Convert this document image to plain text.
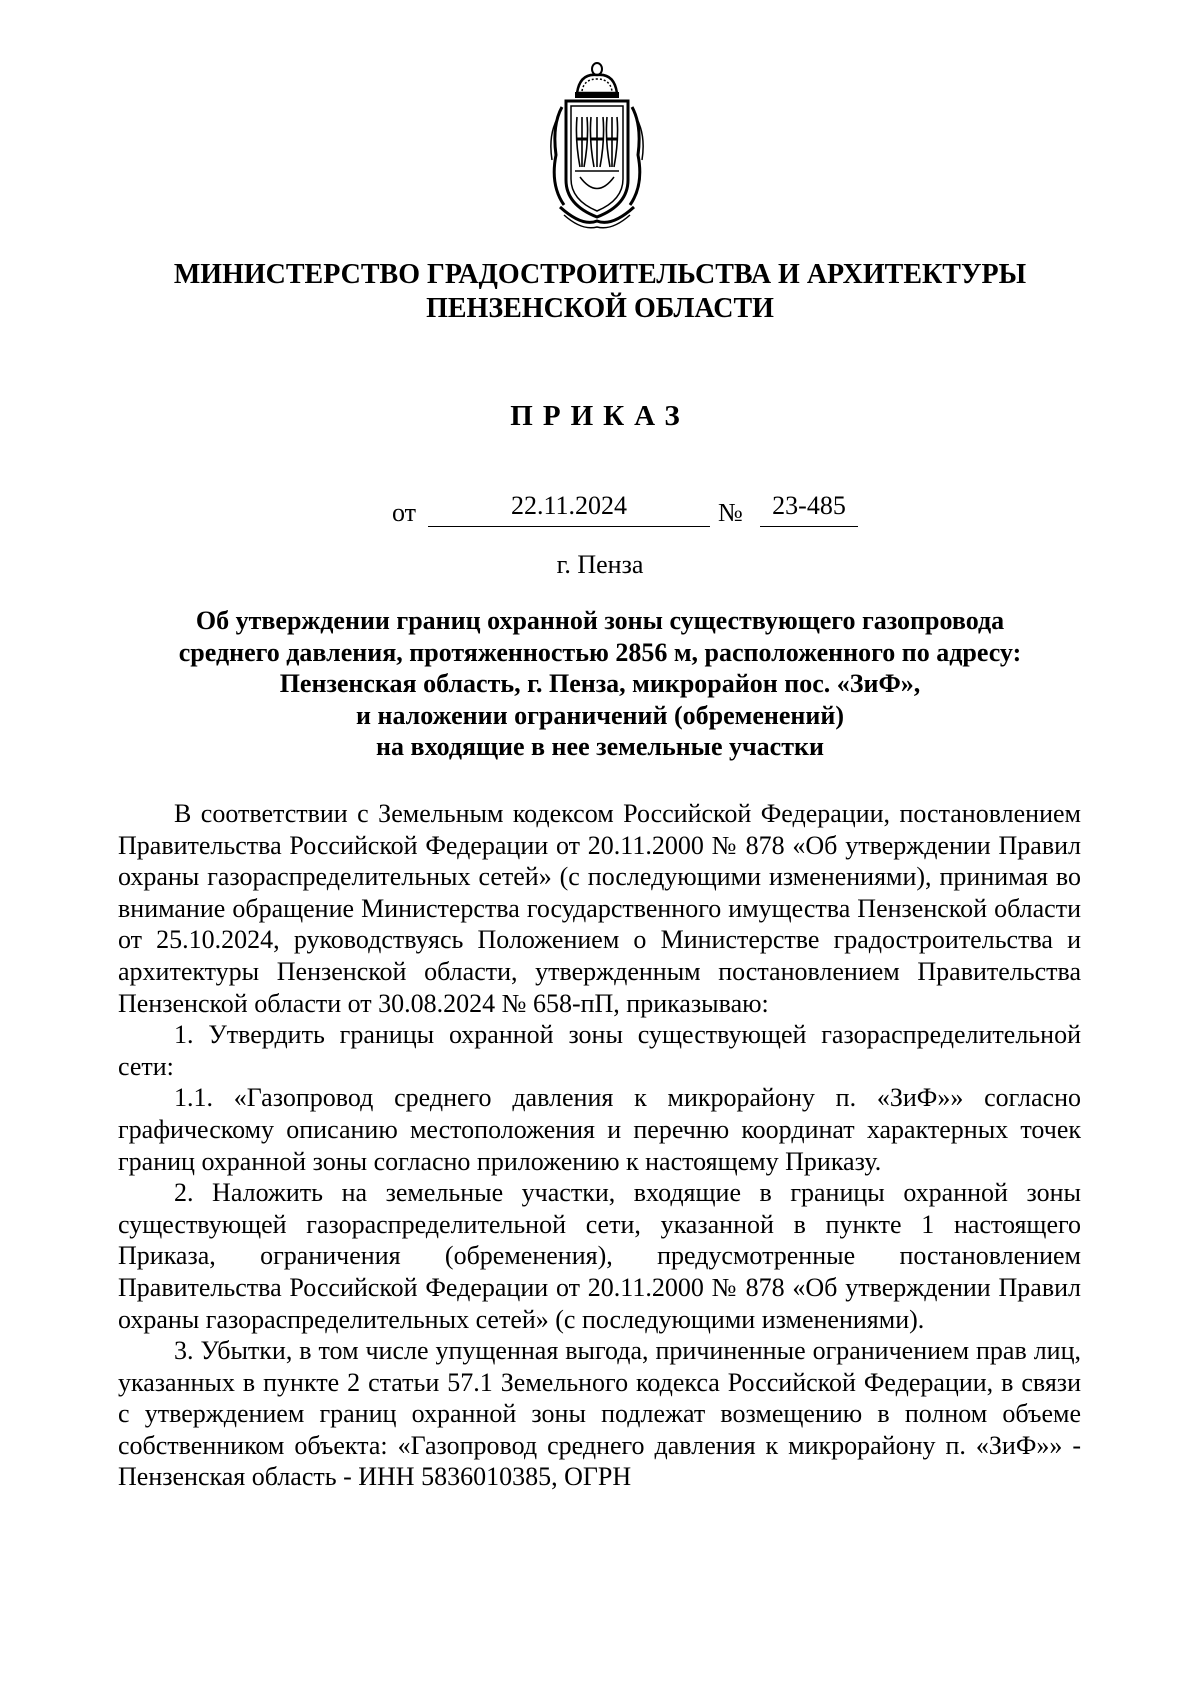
МИНИСТЕРСТВО ГРАДОСТРОИТЕЛЬСТВА И АРХИТЕКТУРЫ
ПЕНЗЕНСКОЙ ОБЛАСТИ
ПРИКАЗ
от	22.11.2024	№	23-485
г. Пенза
Об утверждении границ охранной зоны существующего газопровода
среднего давления, протяженностью 2856 м, расположенного по адресу:
Пензенская область, г. Пенза, микрорайон пос. «ЗиФ»,
и наложении ограничений (обременений)
на входящие в нее земельные участки

В соответствии с Земельным кодексом Российской Федерации, постановлением Правительства Российской Федерации от 20.11.2000 № 878 «Об утверждении Правил охраны газораспределительных сетей» (с последующими изменениями), принимая во внимание обращение Министерства государственного имущества Пензенской области от 25.10.2024, руководствуясь Положением о Министерстве градостроительства и архитектуры Пензенской области, утвержденным постановлением Правительства Пензенской области от 30.08.2024 № 658-пП, приказываю:

1. Утвердить границы охранной зоны существующей газораспределительной сети:

1.1. «Газопровод среднего давления к микрорайону п. «ЗиФ»» согласно графическому описанию местоположения и перечню координат характерных точек границ охранной зоны согласно приложению к настоящему Приказу.

2. Наложить на земельные участки, входящие в границы охранной зоны существующей газораспределительной сети, указанной в пункте 1 настоящего Приказа, ограничения (обременения), предусмотренные постановлением Правительства Российской Федерации от 20.11.2000 № 878 «Об утверждении Правил охраны газораспределительных сетей» (с последующими изменениями).

3. Убытки, в том числе упущенная выгода, причиненные ограничением прав лиц, указанных в пункте 2 статьи 57.1 Земельного кодекса Российской Федерации, в связи с утверждением границ охранной зоны подлежат возмещению в полном объеме собственником объекта: «Газопровод среднего давления к микрорайону п. «ЗиФ»» - Пензенская область - ИНН 5836010385, ОГРН
